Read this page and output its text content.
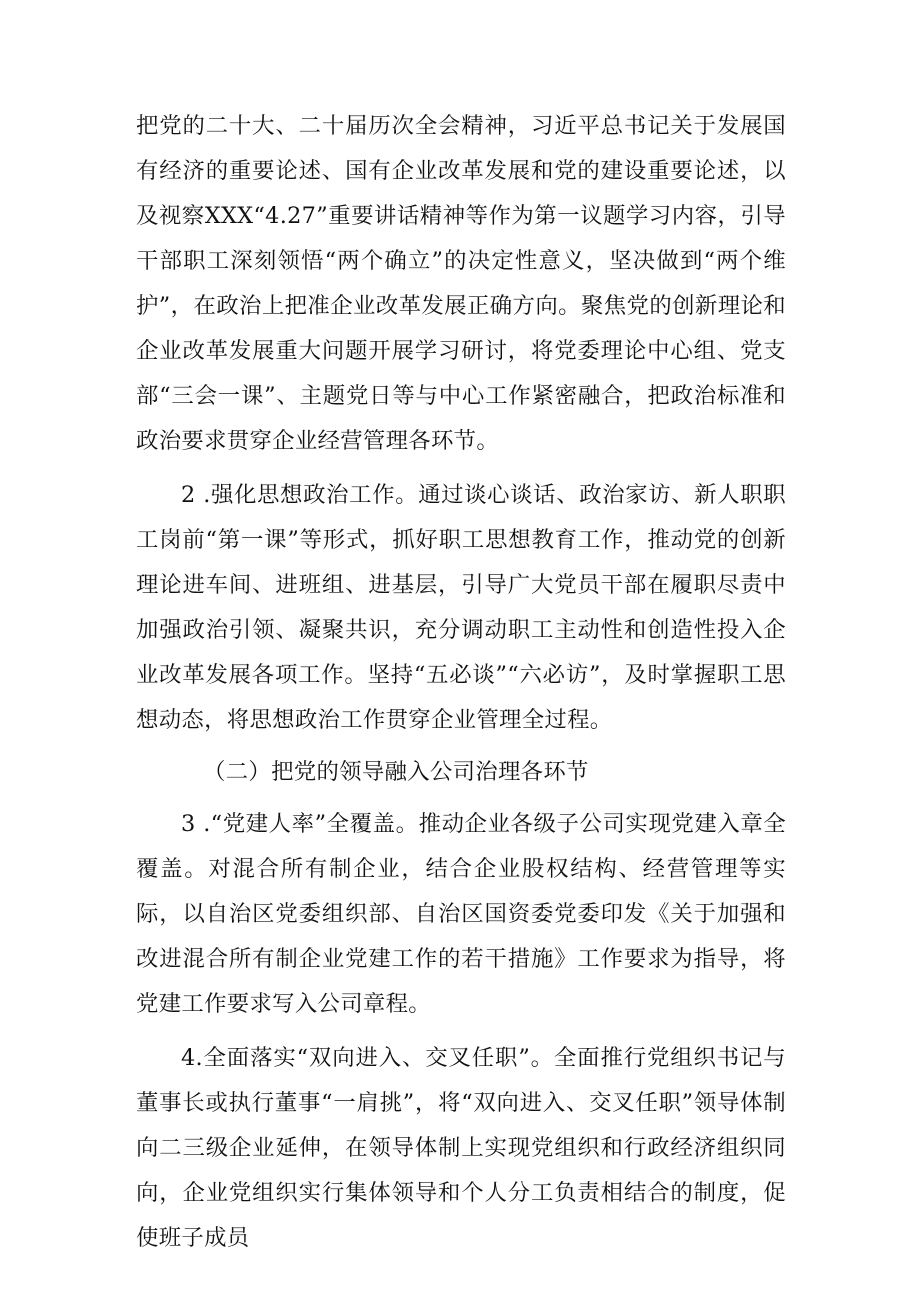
把党的二十大、二十届历次全会精神，习近平总书记关于发展国有经济的重要论述、国有企业改革发展和党的建设重要论述，以及视察XXX“4.27”重要讲话精神等作为第一议题学习内容，引导干部职工深刻领悟“两个确立”的决定性意义，坚决做到“两个维护”，在政治上把准企业改革发展正确方向。聚焦党的创新理论和企业改革发展重大问题开展学习研讨，将党委理论中心组、党支部“三会一课”、主题党日等与中心工作紧密融合，把政治标准和政治要求贯穿企业经营管理各环节。

2 .强化思想政治工作。通过谈心谈话、政治家访、新人职职工岗前“第一课”等形式，抓好职工思想教育工作，推动党的创新理论进车间、进班组、进基层，引导广大党员干部在履职尽责中加强政治引领、凝聚共识，充分调动职工主动性和创造性投入企业改革发展各项工作。坚持“五必谈”“六必访”，及时掌握职工思想动态，将思想政治工作贯穿企业管理全过程。

（二）把党的领导融入公司治理各环节

3 .“党建人率”全覆盖。推动企业各级子公司实现党建入章全覆盖。对混合所有制企业，结合企业股权结构、经营管理等实际，以自治区党委组织部、自治区国资委党委印发《关于加强和改进混合所有制企业党建工作的若干措施》工作要求为指导，将党建工作要求写入公司章程。

4.全面落实“双向进入、交叉任职”。全面推行党组织书记与董事长或执行董事“一肩挑”，将“双向进入、交叉任职”领导体制向二三级企业延伸，在领导体制上实现党组织和行政经济组织同向，企业党组织实行集体领导和个人分工负责相结合的制度，促使班子成员
